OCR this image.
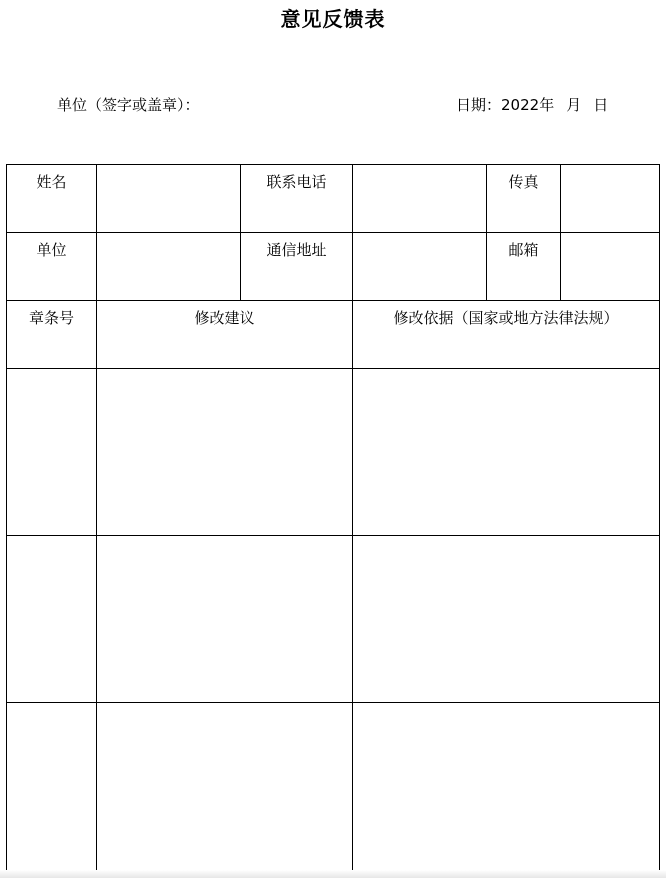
意见反馈表
单位（签字或盖章）：	日期：2022年 月 日
姓名		联系电话		传真	
单位		通信地址		邮箱	
章条号	修改建议		修改依据（国家或地方法律法规）		
